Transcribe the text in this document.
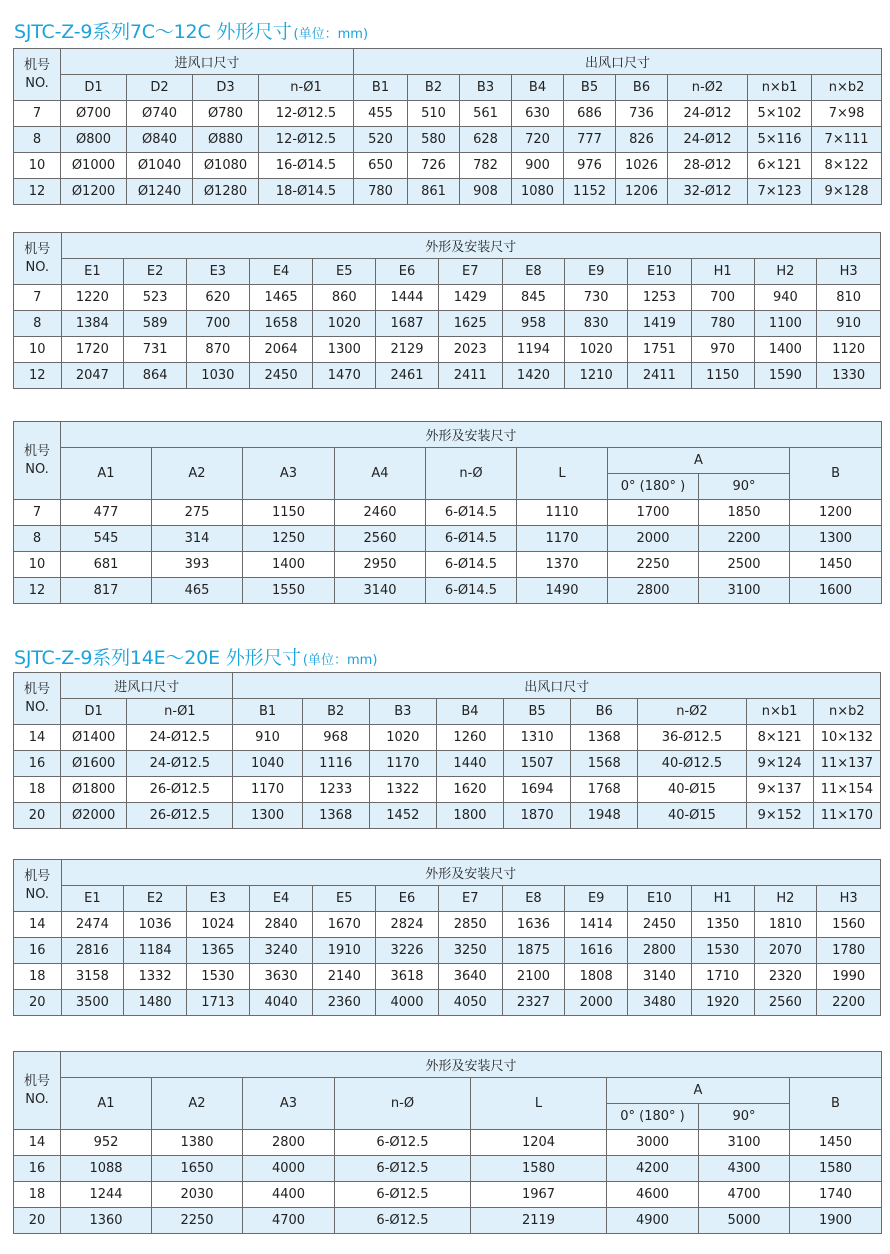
SJTC-Z-9系列7C～12C 外形尺寸 (单位：mm)
机号
NO.	进风口尺寸				出风口尺寸								
	D1	D2	D3	n-Ø1	B1	B2	B3	B4	B5	B6	n-Ø2	n×b1	n×b2
7	Ø700	Ø740	Ø780	12-Ø12.5	455	510	561	630	686	736	24-Ø12	5×102	7×98
8	Ø800	Ø840	Ø880	12-Ø12.5	520	580	628	720	777	826	24-Ø12	5×116	7×111
10	Ø1000	Ø1040	Ø1080	16-Ø14.5	650	726	782	900	976	1026	28-Ø12	6×121	8×122
12	Ø1200	Ø1240	Ø1280	18-Ø14.5	780	861	908	1080	1152	1206	32-Ø12	7×123	9×128
机号
NO.	外形及安装尺寸												
	E1	E2	E3	E4	E5	E6	E7	E8	E9	E10	H1	H2	H3
7	1220	523	620	1465	860	1444	1429	845	730	1253	700	940	810
8	1384	589	700	1658	1020	1687	1625	958	830	1419	780	1100	910
10	1720	731	870	2064	1300	2129	2023	1194	1020	1751	970	1400	1120
12	2047	864	1030	2450	1470	2461	2411	1420	1210	2411	1150	1590	1330
机号
NO.	外形及安装尺寸								
	A1	A2	A3	A4	n-Ø	L	A		B
							0° (180° )	90°	
7	477	275	1150	2460	6-Ø14.5	1110	1700	1850	1200
8	545	314	1250	2560	6-Ø14.5	1170	2000	2200	1300
10	681	393	1400	2950	6-Ø14.5	1370	2250	2500	1450
12	817	465	1550	3140	6-Ø14.5	1490	2800	3100	1600
SJTC-Z-9系列14E～20E 外形尺寸 (单位：mm)
机号
NO.	进风口尺寸		出风口尺寸								
	D1	n-Ø1	B1	B2	B3	B4	B5	B6	n-Ø2	n×b1	n×b2
14	Ø1400	24-Ø12.5	910	968	1020	1260	1310	1368	36-Ø12.5	8×121	10×132
16	Ø1600	24-Ø12.5	1040	1116	1170	1440	1507	1568	40-Ø12.5	9×124	11×137
18	Ø1800	26-Ø12.5	1170	1233	1322	1620	1694	1768	40-Ø15	9×137	11×154
20	Ø2000	26-Ø12.5	1300	1368	1452	1800	1870	1948	40-Ø15	9×152	11×170
机号
NO.	外形及安装尺寸												
	E1	E2	E3	E4	E5	E6	E7	E8	E9	E10	H1	H2	H3
14	2474	1036	1024	2840	1670	2824	2850	1636	1414	2450	1350	1810	1560
16	2816	1184	1365	3240	1910	3226	3250	1875	1616	2800	1530	2070	1780
18	3158	1332	1530	3630	2140	3618	3640	2100	1808	3140	1710	2320	1990
20	3500	1480	1713	4040	2360	4000	4050	2327	2000	3480	1920	2560	2200
机号
NO.	外形及安装尺寸							
	A1	A2	A3	n-Ø	L	A		B
						0° (180° )	90°	
14	952	1380	2800	6-Ø12.5	1204	3000	3100	1450
16	1088	1650	4000	6-Ø12.5	1580	4200	4300	1580
18	1244	2030	4400	6-Ø12.5	1967	4600	4700	1740
20	1360	2250	4700	6-Ø12.5	2119	4900	5000	1900
